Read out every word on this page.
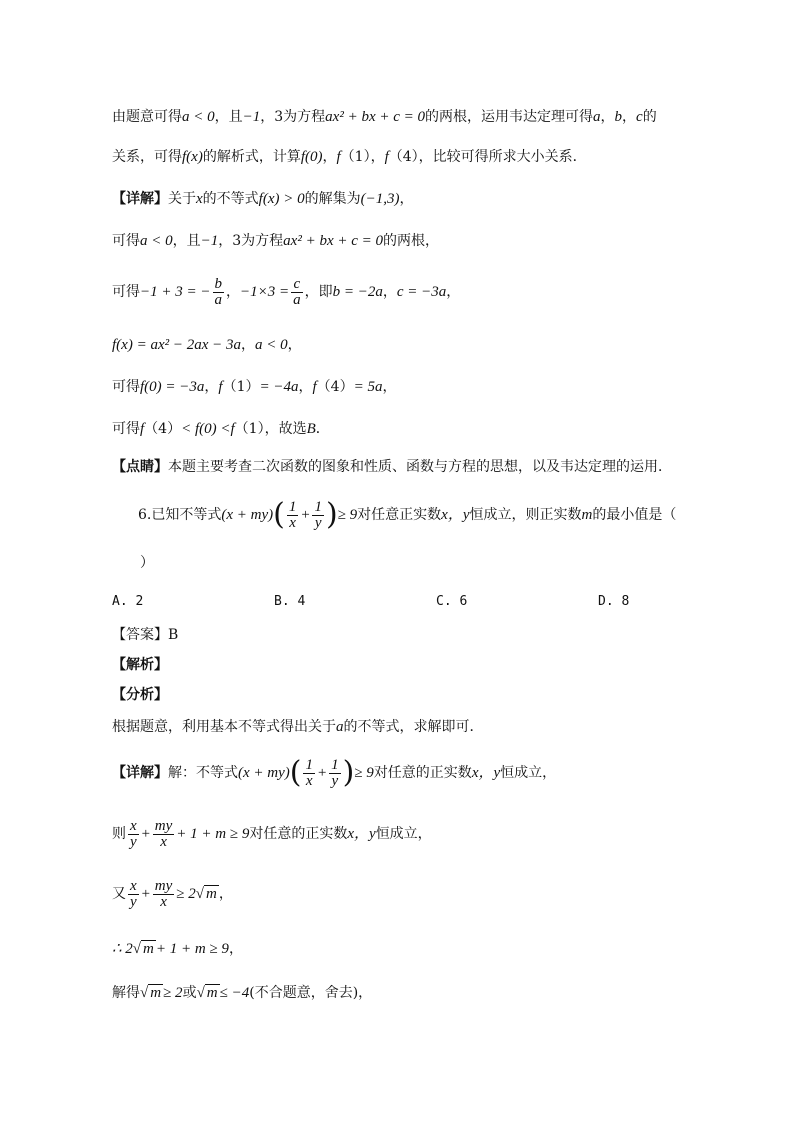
由题意可得a < 0，且−1，3为方程ax² + bx + c = 0的两根，运用韦达定理可得a，b，c的
关系，可得f(x)的解析式，计算f(0)，f（1），f（4），比较可得所求大小关系．
【详解】关于x的不等式f(x) > 0的解集为(−1,3)，
可得a < 0，且−1，3为方程ax² + bx + c = 0的两根，
可得−1 + 3 = − $\frac{b}{a}$ ，$-1\times 3 = \frac{c}{a}$ ，即b = −2a，c = −3a，
f(x) = ax² − 2ax − 3a，a < 0，
可得f(0) = −3a，f（1）= −4a，f（4）= 5a，
可得f（4）< f(0) <f（1），故选B．
【点睛】本题主要考查二次函数的图象和性质、函数与方程的思想，以及韦达定理的运用．
6.已知不等式$(x + my)( \frac{1}{x} + \frac{1}{y}$ )≥ 9对任意正实数x，y恒成立，则正实数m的最小值是（
）
A. 2	B. 4	C. 6	D. 8
【答案】B
【解析】
【分析】
根据题意，利用基本不等式得出关于a的不等式，求解即可．
【详解】解：不等式$(x + my)( \frac{1}{x} + \frac{1}{y}$ )≥ 9对任意的正实数x，y恒成立，
则 $\frac{x}{y} + \frac{my}{x} + 1 + m \ge 9$对任意的正实数x，y恒成立，
又 $\frac{x}{y} + \frac{my}{x} \ge 2√$ m ，
∴ 2√ m + 1 + m ≥ 9，
解得√ m ≥ 2或√ m ≤ −4(不合题意，舍去)，
